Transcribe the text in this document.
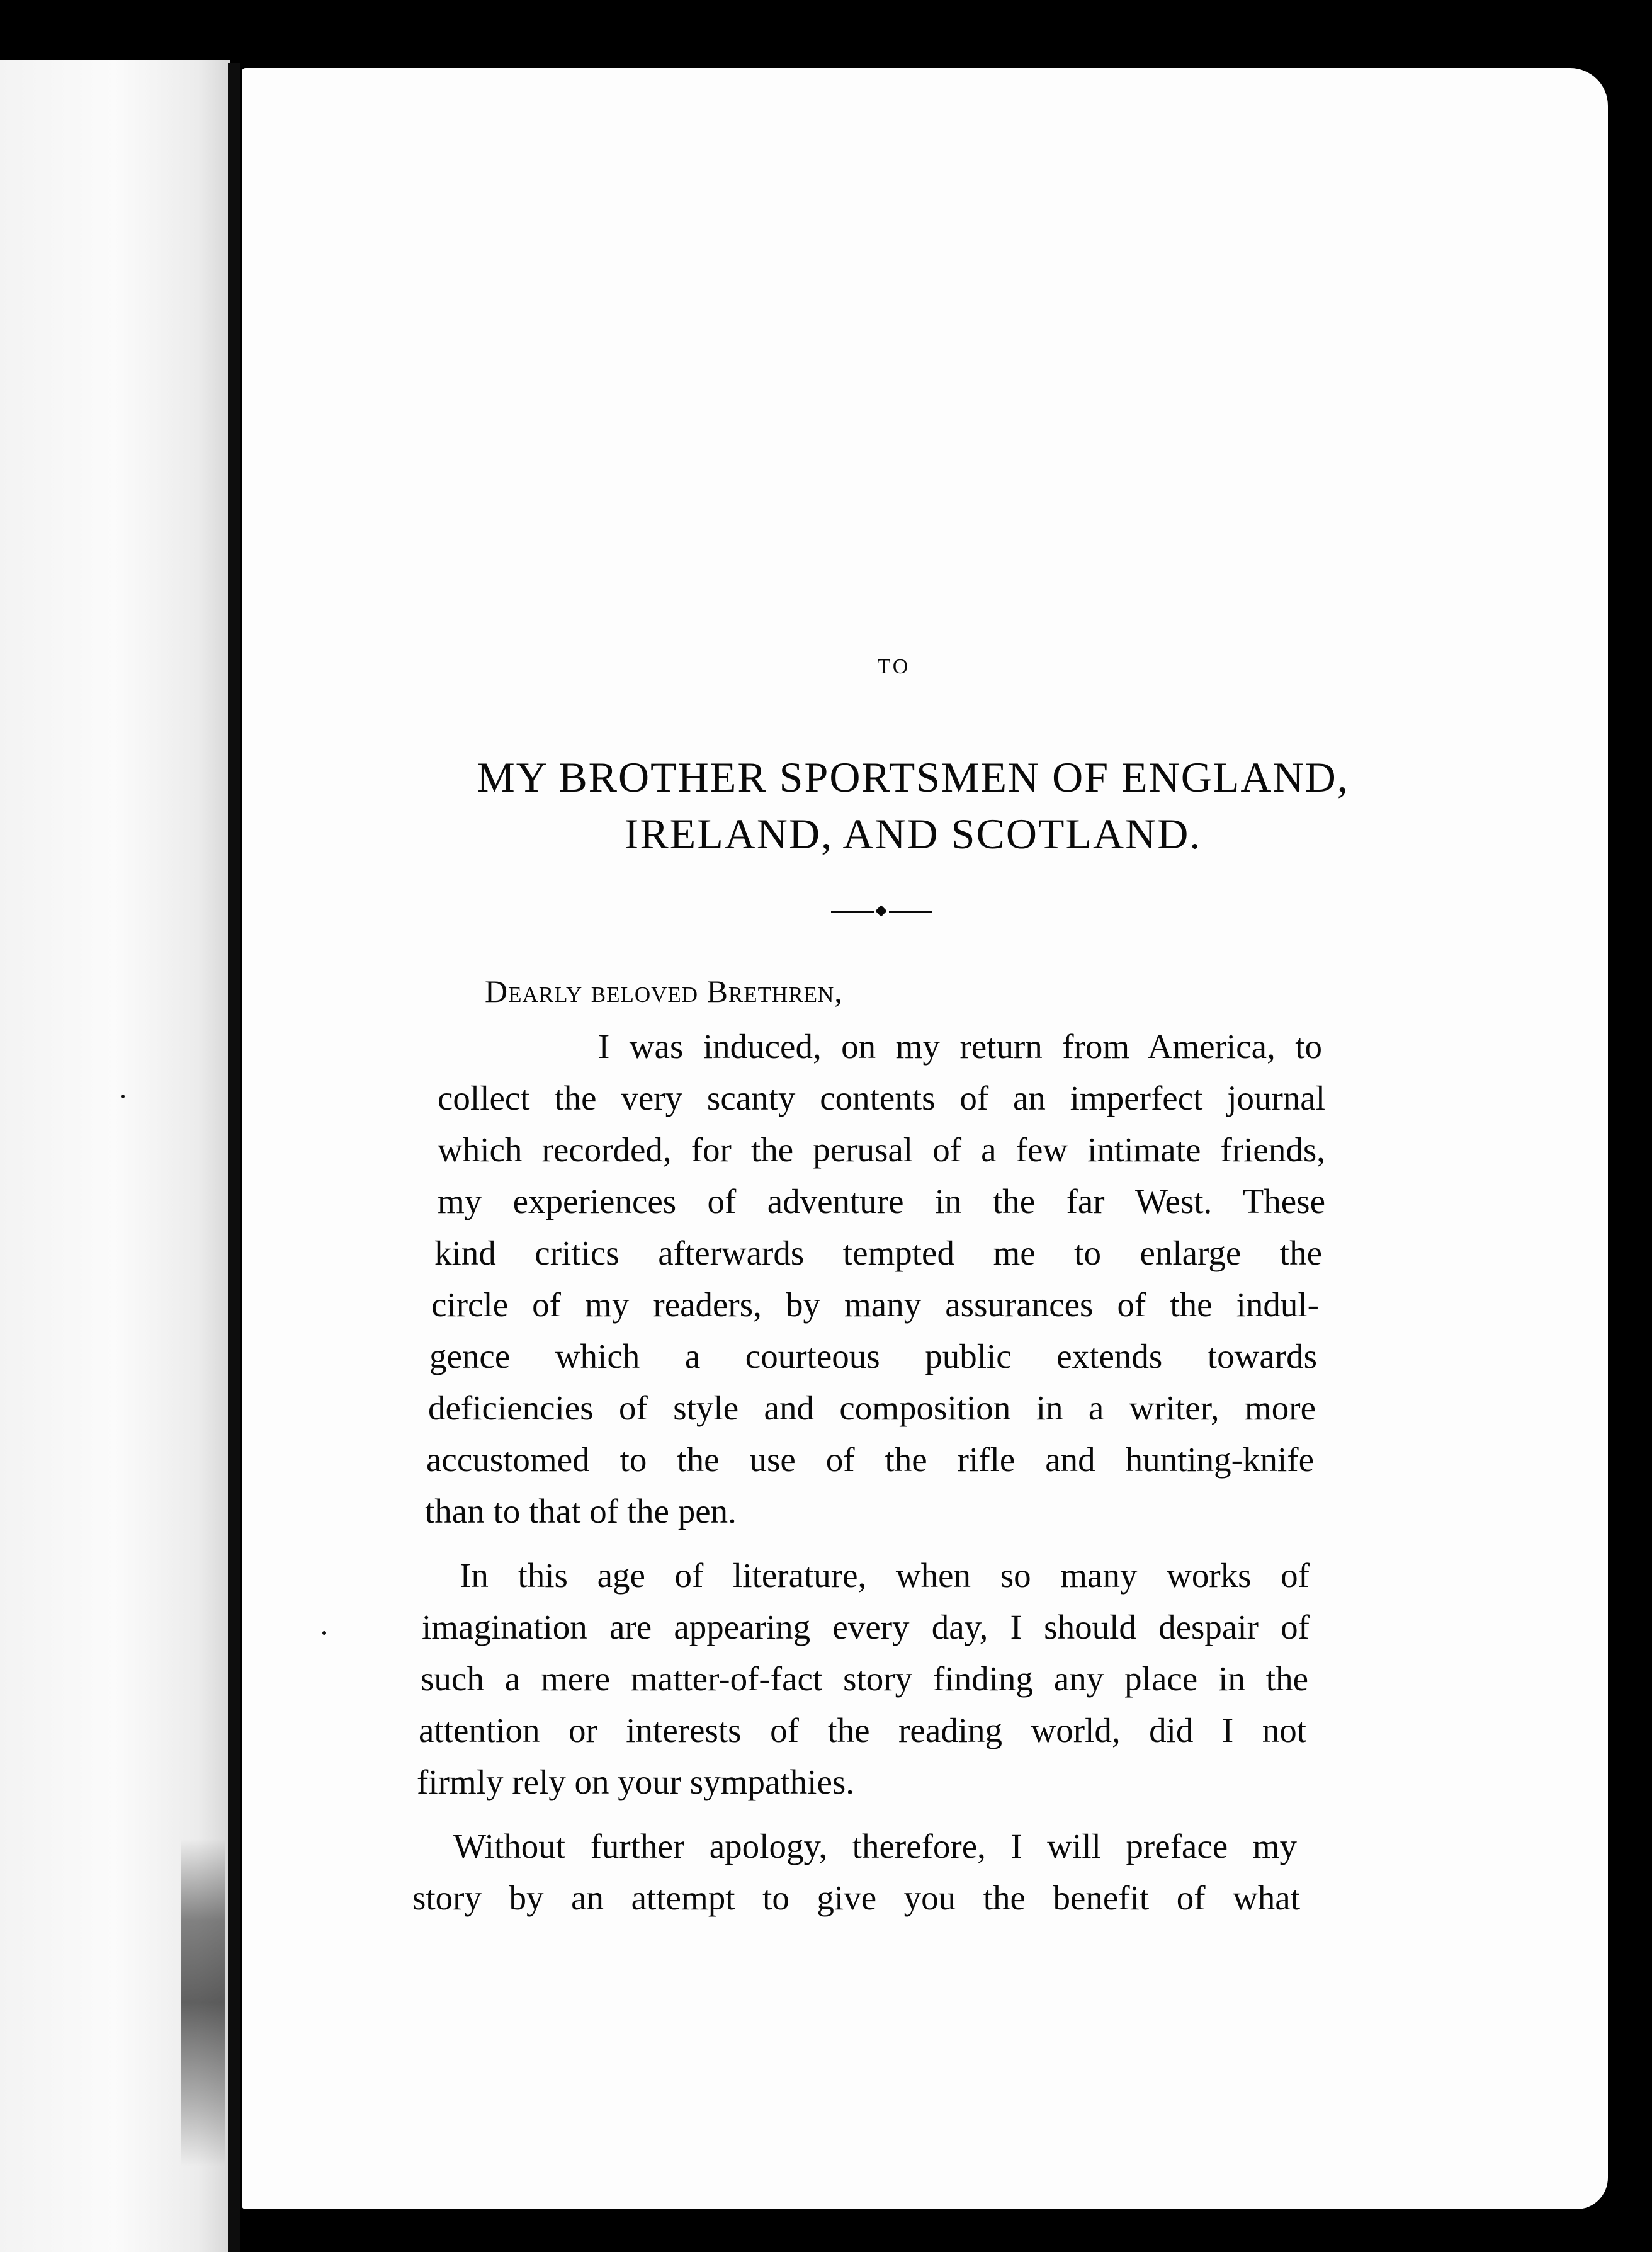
TO
MY BROTHER SPORTSMEN OF ENGLAND,
IRELAND, AND SCOTLAND.
Dearly beloved Brethren,
I was induced, on my return from America, to
collect the very scanty contents of an imperfect journal
which recorded, for the perusal of a few intimate friends,
my experiences of adventure in the far West. These
kind critics afterwards tempted me to enlarge the
circle of my readers, by many assurances of the indul-
gence which a courteous public extends towards
deficiencies of style and composition in a writer, more
accustomed to the use of the rifle and hunting-knife
than to that of the pen.
In this age of literature, when so many works of
imagination are appearing every day, I should despair of
such a mere matter-of-fact story finding any place in the
attention or interests of the reading world, did I not
firmly rely on your sympathies.
Without further apology, therefore, I will preface my
story by an attempt to give you the benefit of what
